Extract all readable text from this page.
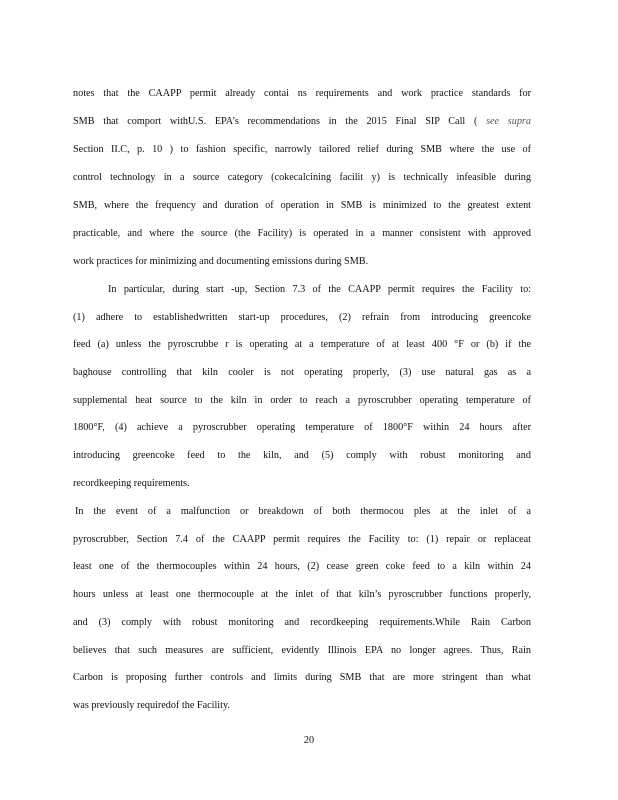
notes that the CAAPP permit already contai ns requirements and work practice standards for
SMB that comport withU.S. EPA’s recommendations in the 2015 Final SIP Call ( see supra
Section II.C, p. 10 ) to fashion specific, narrowly tailored relief during SMB where the use of
control technology in a source category (cokecalcining facilit y) is technically infeasible during
SMB, where the frequency and duration of operation in SMB is minimized to the greatest extent
practicable, and where the source (the Facility) is operated in a manner consistent with approved
work practices for minimizing and documenting emissions during SMB.
In particular, during start -up, Section 7.3 of the CAAPP permit requires the Facility to:
(1) adhere to establishedwritten start-up procedures, (2) refrain from introducing greencoke
feed (a) unless the pyroscrubbe r is operating at a temperature of at least 400 °F or (b) if the
baghouse controlling that kiln cooler is not operating properly, (3) use natural gas as a
supplemental heat source to the kiln in order to reach a pyroscrubber operating temperature of
1800°F, (4) achieve a pyroscrubber operating temperature of 1800°F within 24 hours after
introducing greencoke feed to the kiln, and (5) comply with robust monitoring and
recordkeeping requirements.
In the event of a malfunction or breakdown of both thermocou ples at the inlet of a
pyroscrubber, Section 7.4 of the CAAPP permit requires the Facility to: (1) repair or replaceat
least one of the thermocouples within 24 hours, (2) cease green coke feed to a kiln within 24
hours unless at least one thermocouple at the inlet of that kiln’s pyroscrubber functions properly,
and (3) comply with robust monitoring and recordkeeping requirements.While Rain Carbon
believes that such measures are sufficient, evidently Illinois EPA no longer agrees. Thus, Rain
Carbon is proposing further controls and limits during SMB that are more stringent than what
was previously requiredof the Facility.
20
